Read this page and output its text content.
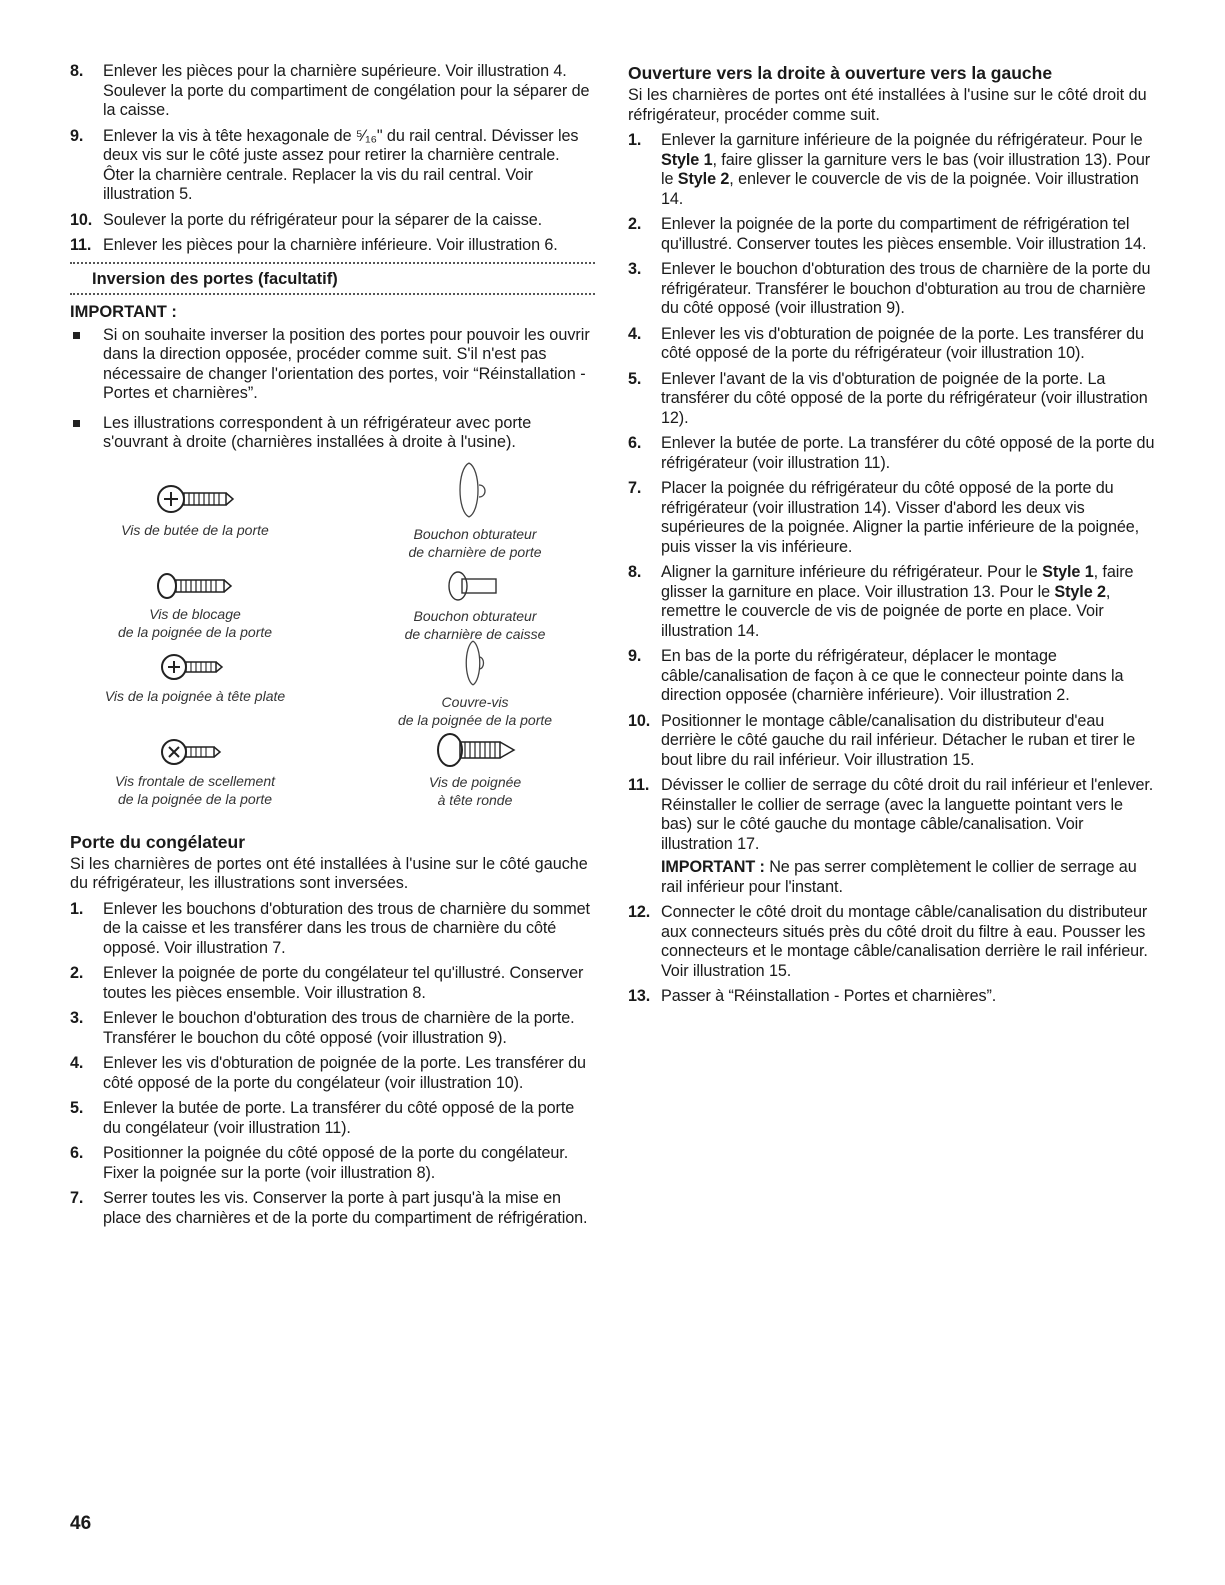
8. Enlever les pièces pour la charnière supérieure. Voir illustration 4. Soulever la porte du compartiment de congélation pour la séparer de la caisse.
9. Enlever la vis à tête hexagonale de ⁵⁄₁₆" du rail central. Dévisser les deux vis sur le côté juste assez pour retirer la charnière centrale. Ôter la charnière centrale. Replacer la vis du rail central. Voir illustration 5.
10. Soulever la porte du réfrigérateur pour la séparer de la caisse.
11. Enlever les pièces pour la charnière inférieure. Voir illustration 6.
Inversion des portes (facultatif)
IMPORTANT :
Si on souhaite inverser la position des portes pour pouvoir les ouvrir dans la direction opposée, procéder comme suit. S'il n'est pas nécessaire de changer l'orientation des portes, voir “Réinstallation - Portes et charnières”.
Les illustrations correspondent à un réfrigérateur avec porte s'ouvrant à droite (charnières installées à droite à l'usine).
Vis de butée de la porte	Bouchon obturateur
de charnière de porte
Vis de blocage
de la poignée de la porte
Bouchon obturateur
de charnière de caisse
Vis de la poignée à tête plate	Couvre-vis
de la poignée de la porte
Vis frontale de scellement
de la poignée de la porte
Vis de poignée
à tête ronde
Porte du congélateur

Si les charnières de portes ont été installées à l'usine sur le côté gauche du réfrigérateur, les illustrations sont inversées.

1. Enlever les bouchons d'obturation des trous de charnière du sommet de la caisse et les transférer dans les trous de charnière du côté opposé. Voir illustration 7.
2. Enlever la poignée de porte du congélateur tel qu'illustré. Conserver toutes les pièces ensemble. Voir illustration 8.
3. Enlever le bouchon d'obturation des trous de charnière de la porte. Transférer le bouchon du côté opposé (voir illustration 9).
4. Enlever les vis d'obturation de poignée de la porte. Les transférer du côté opposé de la porte du congélateur (voir illustration 10).
5. Enlever la butée de porte. La transférer du côté opposé de la porte du congélateur (voir illustration 11).
6. Positionner la poignée du côté opposé de la porte du congélateur. Fixer la poignée sur la porte (voir illustration 8).
7. Serrer toutes les vis. Conserver la porte à part jusqu'à la mise en place des charnières et de la porte du compartiment de réfrigération.
Ouverture vers la droite à ouverture vers la gauche

Si les charnières de portes ont été installées à l'usine sur le côté droit du réfrigérateur, procéder comme suit.

1. Enlever la garniture inférieure de la poignée du réfrigérateur. Pour le Style 1, faire glisser la garniture vers le bas (voir illustration 13). Pour le Style 2, enlever le couvercle de vis de la poignée. Voir illustration 14.
2. Enlever la poignée de la porte du compartiment de réfrigération tel qu'illustré. Conserver toutes les pièces ensemble. Voir illustration 14.
3. Enlever le bouchon d'obturation des trous de charnière de la porte du réfrigérateur. Transférer le bouchon d'obturation au trou de charnière du côté opposé (voir illustration 9).
4. Enlever les vis d'obturation de poignée de la porte. Les transférer du côté opposé de la porte du réfrigérateur (voir illustration 10).
5. Enlever l'avant de la vis d'obturation de poignée de la porte. La transférer du côté opposé de la porte du réfrigérateur (voir illustration 12).
6. Enlever la butée de porte. La transférer du côté opposé de la porte du réfrigérateur (voir illustration 11).
7. Placer la poignée du réfrigérateur du côté opposé de la porte du réfrigérateur (voir illustration 14). Visser d'abord les deux vis supérieures de la poignée. Aligner la partie inférieure de la poignée, puis visser la vis inférieure.
8. Aligner la garniture inférieure du réfrigérateur. Pour le Style 1, faire glisser la garniture en place. Voir illustration 13. Pour le Style 2, remettre le couvercle de vis de poignée de porte en place. Voir illustration 14.
9. En bas de la porte du réfrigérateur, déplacer le montage câble/canalisation de façon à ce que le connecteur pointe dans la direction opposée (charnière inférieure). Voir illustration 2.
10. Positionner le montage câble/canalisation du distributeur d'eau derrière le côté gauche du rail inférieur. Détacher le ruban et tirer le bout libre du rail inférieur. Voir illustration 15.
11. Dévisser le collier de serrage du côté droit du rail inférieur et l'enlever. Réinstaller le collier de serrage (avec la languette pointant vers le bas) sur le côté gauche du montage câble/canalisation. Voir illustration 17.
IMPORTANT : Ne pas serrer complètement le collier de serrage au rail inférieur pour l'instant.
12. Connecter le côté droit du montage câble/canalisation du distributeur aux connecteurs situés près du côté droit du filtre à eau. Pousser les connecteurs et le montage câble/canalisation derrière le rail inférieur. Voir illustration 15.
13. Passer à “Réinstallation - Portes et charnières”.
46
